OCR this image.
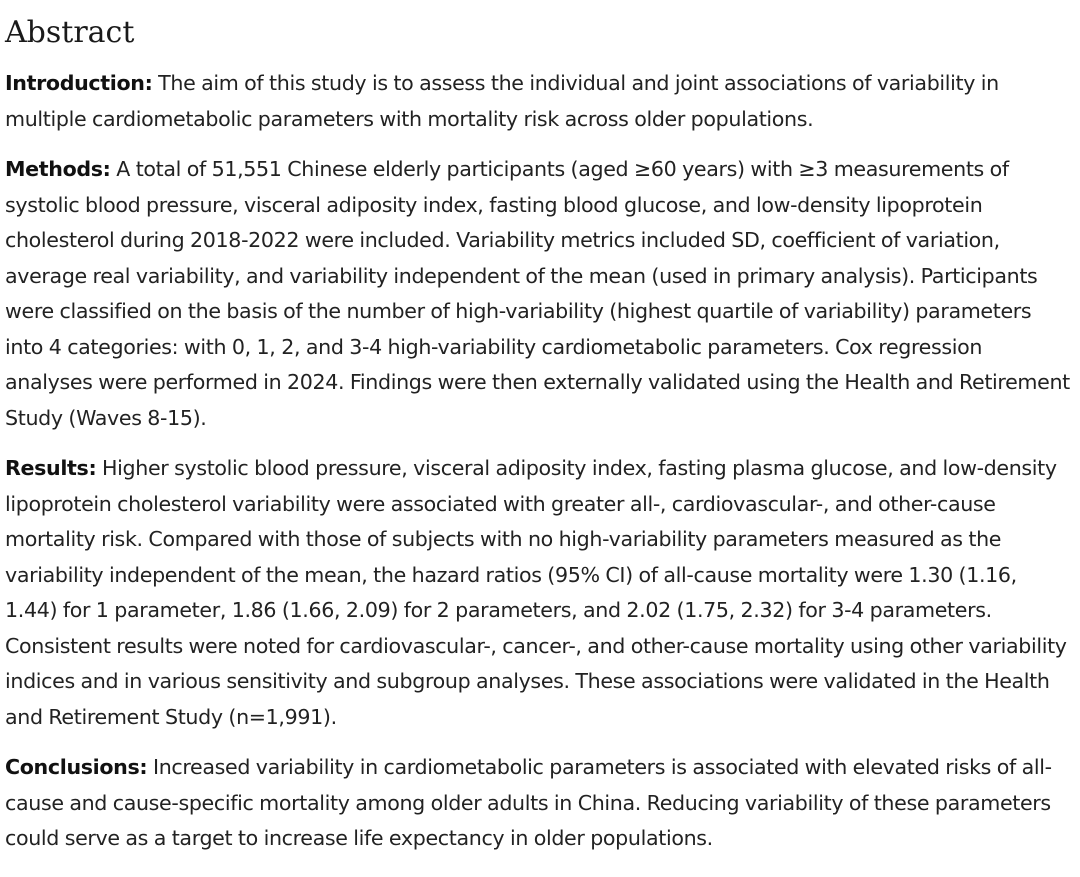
Abstract

Introduction: The aim of this study is to assess the individual and joint associations of variability in multiple cardiometabolic parameters with mortality risk across older populations.

Methods: A total of 51,551 Chinese elderly participants (aged ≥60 years) with ≥3 measurements of systolic blood pressure, visceral adiposity index, fasting blood glucose, and low-density lipoprotein cholesterol during 2018-2022 were included. Variability metrics included SD, coefficient of variation, average real variability, and variability independent of the mean (used in primary analysis). Participants were classified on the basis of the number of high-variability (highest quartile of variability) parameters into 4 categories: with 0, 1, 2, and 3-4 high-variability cardiometabolic parameters. Cox regression analyses were performed in 2024. Findings were then externally validated using the Health and Retirement Study (Waves 8-15).

Results: Higher systolic blood pressure, visceral adiposity index, fasting plasma glucose, and low-density lipoprotein cholesterol variability were associated with greater all-, cardiovascular-, and other-cause mortality risk. Compared with those of subjects with no high-variability parameters measured as the variability independent of the mean, the hazard ratios (95% CI) of all-cause mortality were 1.30 (1.16, 1.44) for 1 parameter, 1.86 (1.66, 2.09) for 2 parameters, and 2.02 (1.75, 2.32) for 3-4 parameters. Consistent results were noted for cardiovascular-, cancer-, and other-cause mortality using other variability indices and in various sensitivity and subgroup analyses. These associations were validated in the Health and Retirement Study (n=1,991).

Conclusions: Increased variability in cardiometabolic parameters is associated with elevated risks of all-cause and cause-specific mortality among older adults in China. Reducing variability of these parameters could serve as a target to increase life expectancy in older populations.
